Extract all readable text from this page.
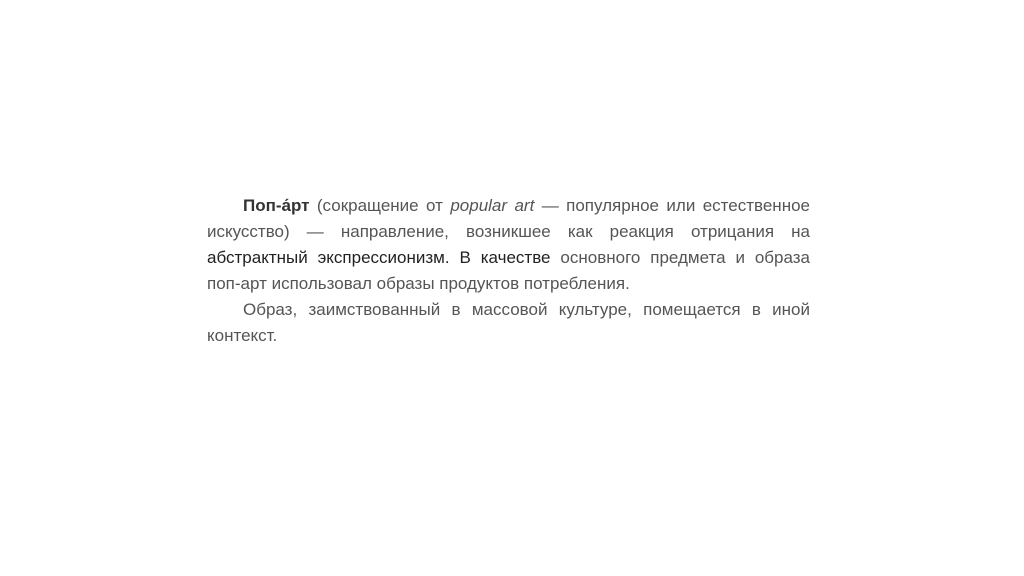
Поп-а́рт (сокращение от popular art — популярное или естественное искусство) — направление, возникшее как реакция отрицания на абстрактный экспрессионизм. В качестве основного предмета и образа поп-арт использовал образы продуктов потребления.

Образ, заимствованный в массовой культуре, помещается в иной контекст.
